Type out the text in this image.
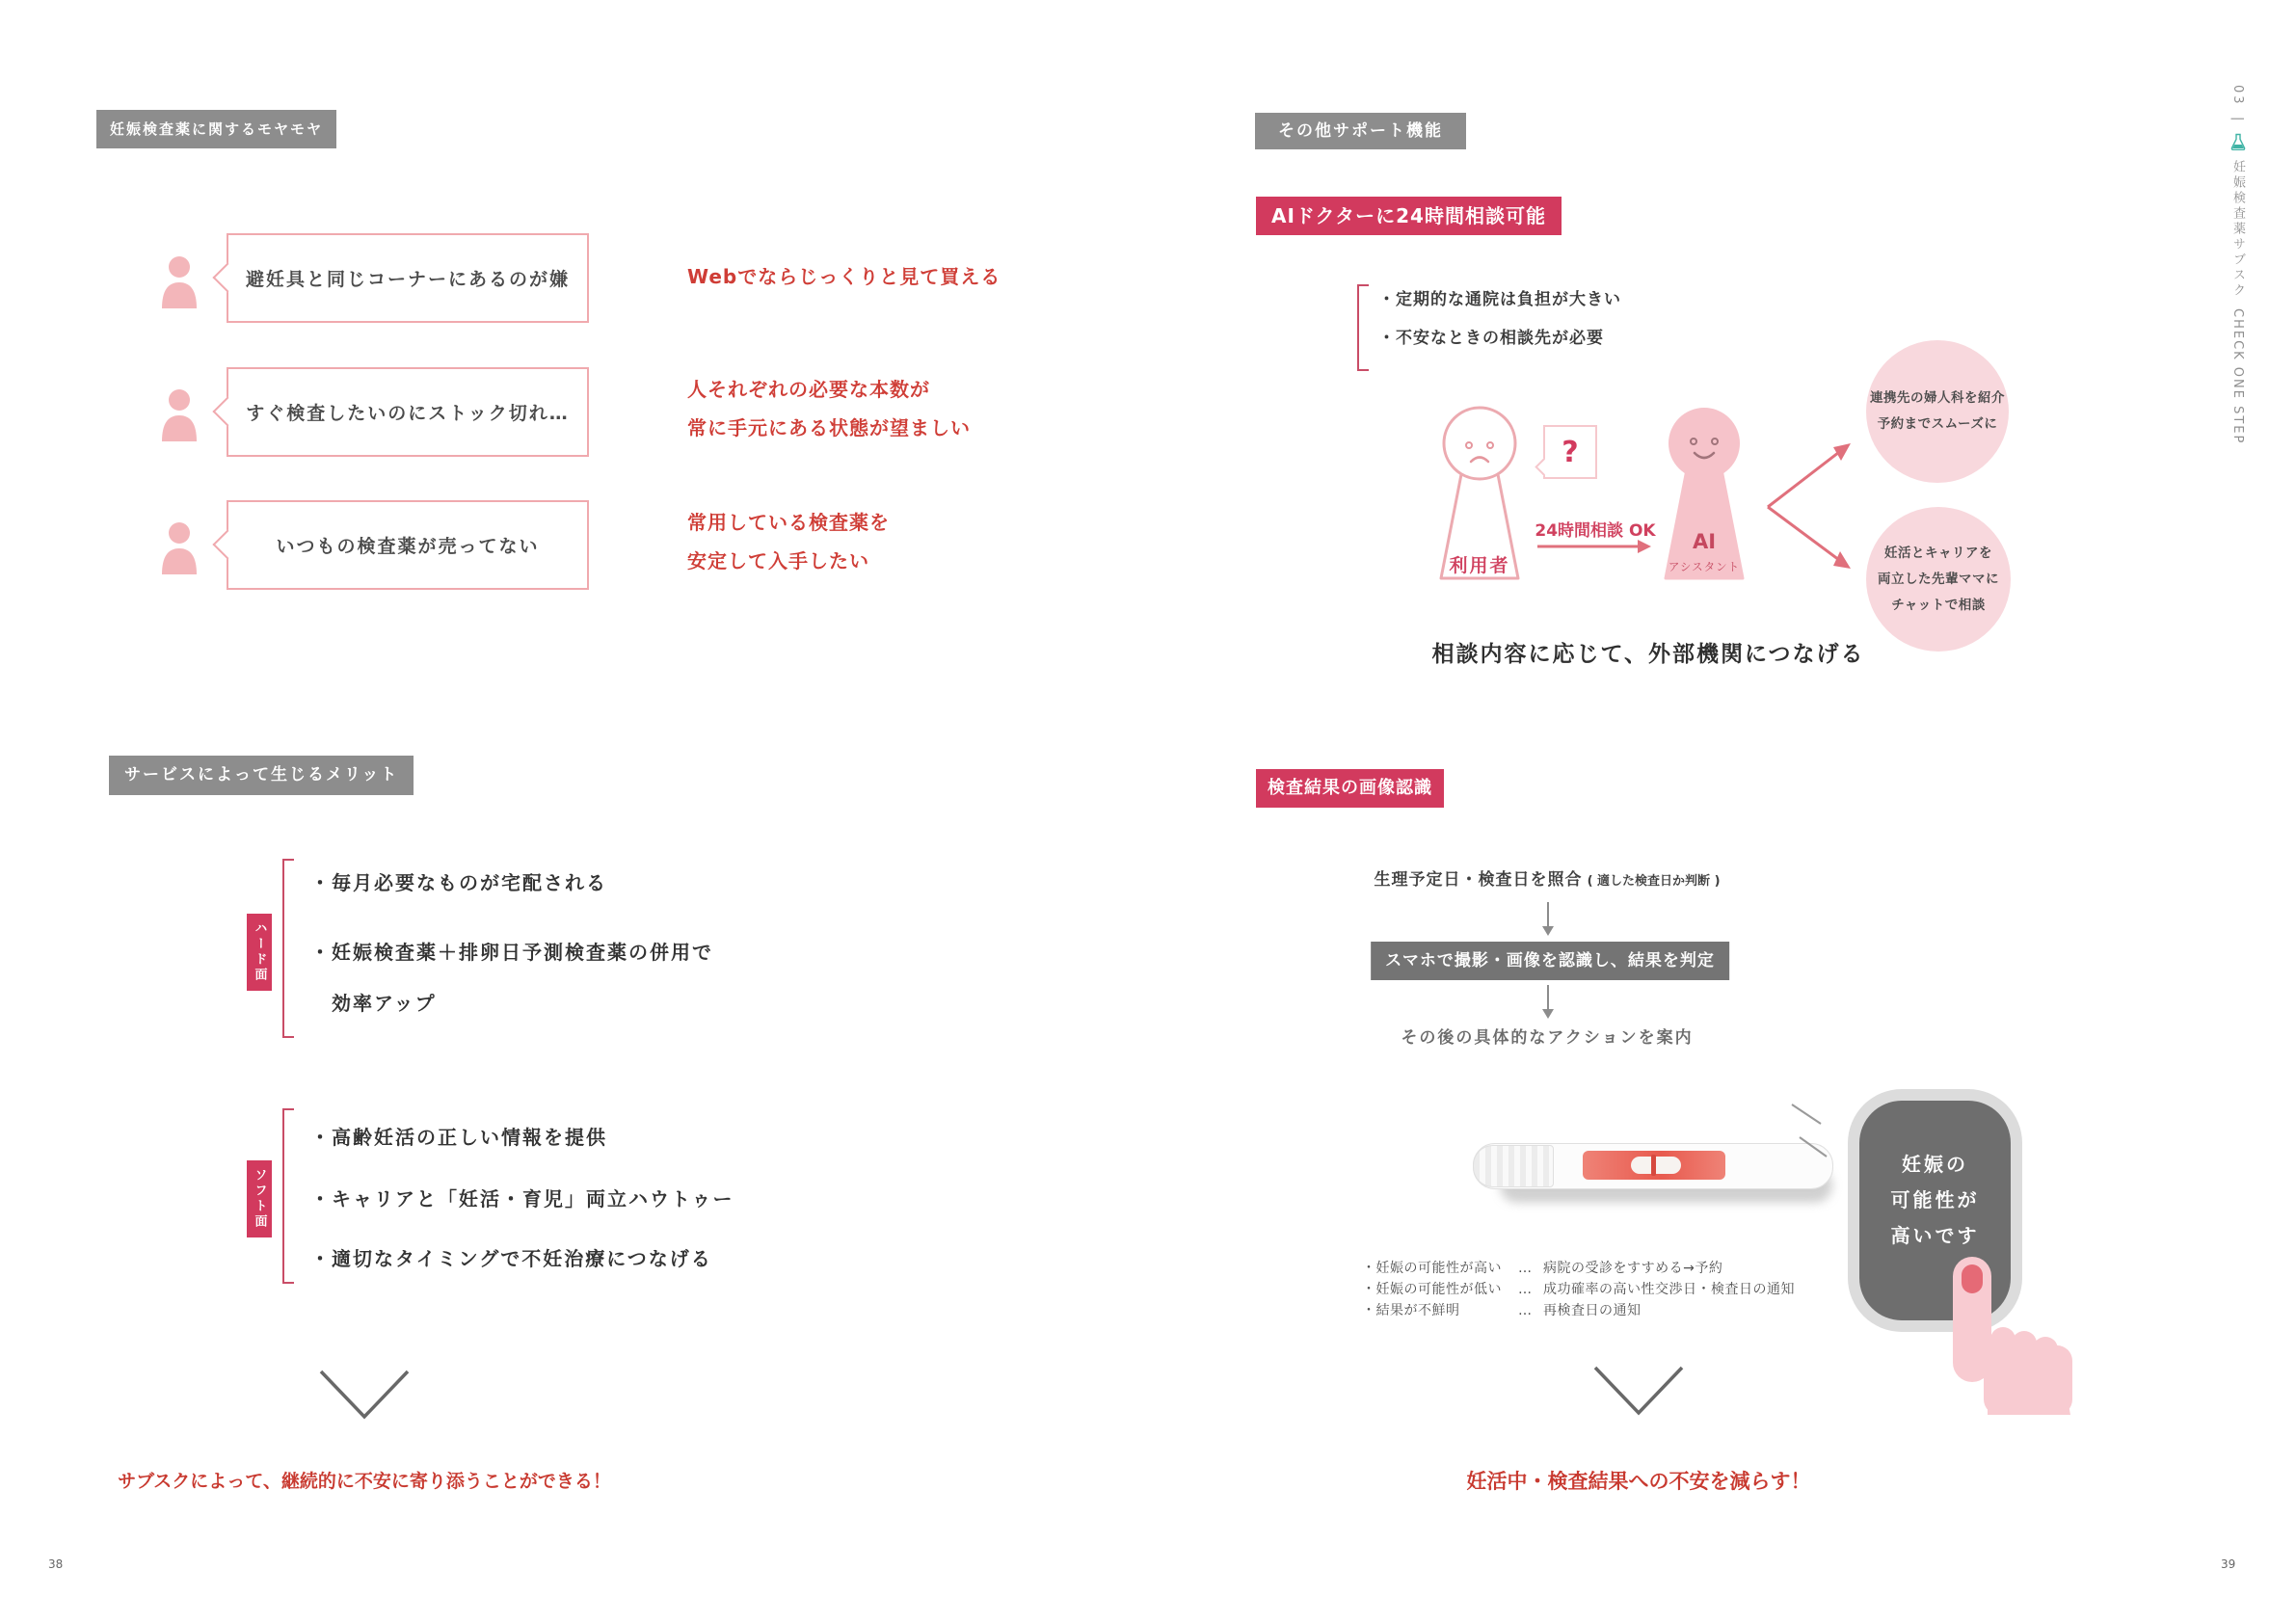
妊娠検査薬に関するモヤモヤ
避妊具と同じコーナーにあるのが嫌	Webでならじっくりと見て買える
すぐ検査したいのにストック切れ…
人それぞれの必要な本数が
常に手元にある状態が望ましい
いつもの検査薬が売ってない
常用している検査薬を
安定して入手したい
サービスによって生じるメリット
ハード面
・毎月必要なものが宅配される
・妊娠検査薬＋排卵日予測検査薬の併用で
　効率アップ
ソフト面
・高齢妊活の正しい情報を提供
・キャリアと「妊活・育児」両立ハウトゥー
・適切なタイミングで不妊治療につなげる
サブスクによって、継続的に不安に寄り添うことができる！
38
その他サポート機能
AIドクターに24時間相談可能
・定期的な通院は負担が大きい
・不安なときの相談先が必要
利用者
?
24時間相談 OK	AI
アシスタント
連携先の婦人科を紹介
予約までスムーズに
妊活とキャリアを
両立した先輩ママに
チャットで相談
相談内容に応じて、外部機関につなげる
検査結果の画像認識
生理予定日・検査日を照合 ( 適した検査日か判断 )
スマホで撮影・画像を認識し、結果を判定
その後の具体的なアクションを案内
妊娠の
可能性が
高いです
・妊娠の可能性が高い	… 病院の受診をすすめる→予約
・妊娠の可能性が低い	… 成功確率の高い性交渉日・検査日の通知
・結果が不鮮明	… 再検査日の通知
妊活中・検査結果への不安を減らす！
39
03
|
妊娠検査薬サブスク
CHECK ONE STEP
